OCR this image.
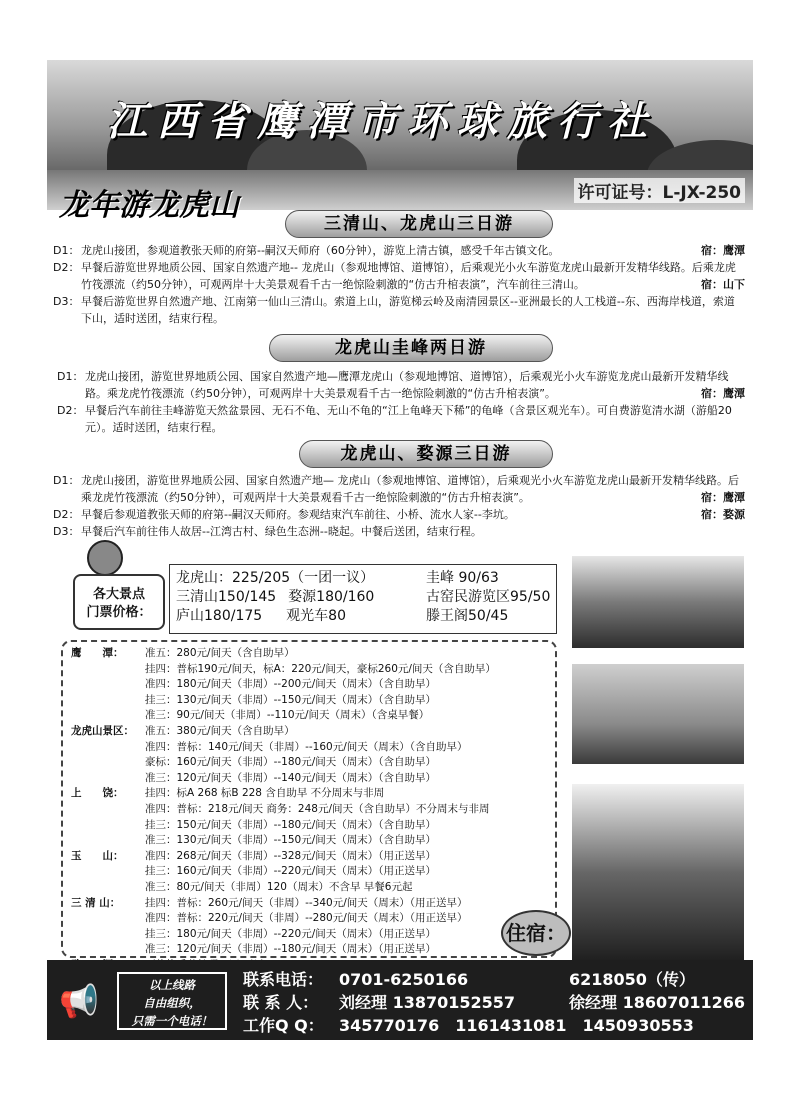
江西省鹰潭市环球旅行社
许可证号：L-JX-250
龙年游龙虎山
三清山、龙虎山三日游
D1： 龙虎山接团，参观道教张天师的府第--嗣汉天师府（60分钟），游览上清古镇，感受千年古镇文化。	宿：鹰潭
D2： 早餐后游览世界地质公园、国家自然遗产地-- 龙虎山（参观地博馆、道博馆），后乘观光小火车游览龙虎山最新开发精华线路。后乘龙虎竹筏漂流（约50分钟），可观两岸十大美景观看千古一绝惊险刺激的“仿古升棺表演”，汽车前往三清山。	宿：山下
D3： 早餐后游览世界自然遗产地、江南第一仙山三清山。索道上山，游览梯云岭及南清园景区--亚洲最长的人工栈道--东、西海岸栈道，索道下山，适时送团，结束行程。
龙虎山圭峰两日游
D1： 龙虎山接团，游览世界地质公园、国家自然遗产地—鹰潭龙虎山（参观地博馆、道博馆），后乘观光小火车游览龙虎山最新开发精华线路。乘龙虎竹筏漂流（约50分钟），可观两岸十大美景观看千古一绝惊险刺激的“仿古升棺表演”。	宿：鹰潭
D2： 早餐后汽车前往圭峰游览天然盆景园、无石不龟、无山不龟的“江上龟峰天下稀”的龟峰（含景区观光车）。可自费游览清水湖（游船20元）。适时送团，结束行程。
龙虎山、婺源三日游
D1： 龙虎山接团，游览世界地质公园、国家自然遗产地— 龙虎山（参观地博馆、道博馆），后乘观光小火车游览龙虎山最新开发精华线路。后乘龙虎竹筏漂流（约50分钟），可观两岸十大美景观看千古一绝惊险刺激的“仿古升棺表演”。	宿：鹰潭
D2： 早餐后参观道教张天师的府第--嗣汉天师府。参观结束汽车前往、小桥、流水人家--李坑。	宿：婺源
D3： 早餐后汽车前往伟人故居--江湾古村、绿色生态洲--晓起。中餐后送团，结束行程。
各大景点
门票价格：
龙虎山：225/205（一团一议）	圭峰 90/63
三清山150/145 婺源180/160	古窑民游览区95/50
庐山180/175 观光车80	滕王阁50/45
鹰　　潭：	准五：280元/间天（含自助早）
挂四：普标190元/间天，标A：220元/间天，豪标260元/间天（含自助早）
准四：180元/间天（非周）--200元/间天（周末）（含自助早）
挂三：130元/间天（非周）--150元/间天（周末）（含自助早）
准三：90元/间天（非周）--110元/间天（周末）（含桌早餐）
龙虎山景区：	准五：380元/间天（含自助早）
准四：普标：140元/间天（非周）--160元/间天（周末）（含自助早）
豪标：160元/间天（非周）--180元/间天（周末）（含自助早）
准三：120元/间天（非周）--140元/间天（周末）（含自助早）
上　　饶：	挂四：标A 268 标B 228 含自助早 不分周末与非周
准四：普标：218元/间天 商务：248元/间天（含自助早）不分周末与非周
挂三：150元/间天（非周）--180元/间天（周末）（含自助早）
准三：130元/间天（非周）--150元/间天（周末）（含自助早）
玉　　山：	准四：268元/间天（非周）--328元/间天（周末）（用正送早）
挂三：160元/间天（非周）--220元/间天（周末）（用正送早）
准三：80元/间天（非周）120（周末）不含早 早餐6元起
三 清 山：	挂四：普标：260元/间天（非周）--340元/间天（周末）（用正送早）
准四：普标：220元/间天（非周）--280元/间天（周末）（用正送早）
挂三：180元/间天（非周）--220元/间天（周末）（用正送早）
准三：120元/间天（非周）--180元/间天（周末）（用正送早）
住宿：
📢	以上线路
自由组织，
只需一个电话！
联系电话： 0701-6250166	6218050（传）
联 系 人：	刘经理 13870152557	徐经理 18607011266
工作Q Q： 345770176　1161431081　1450930553
